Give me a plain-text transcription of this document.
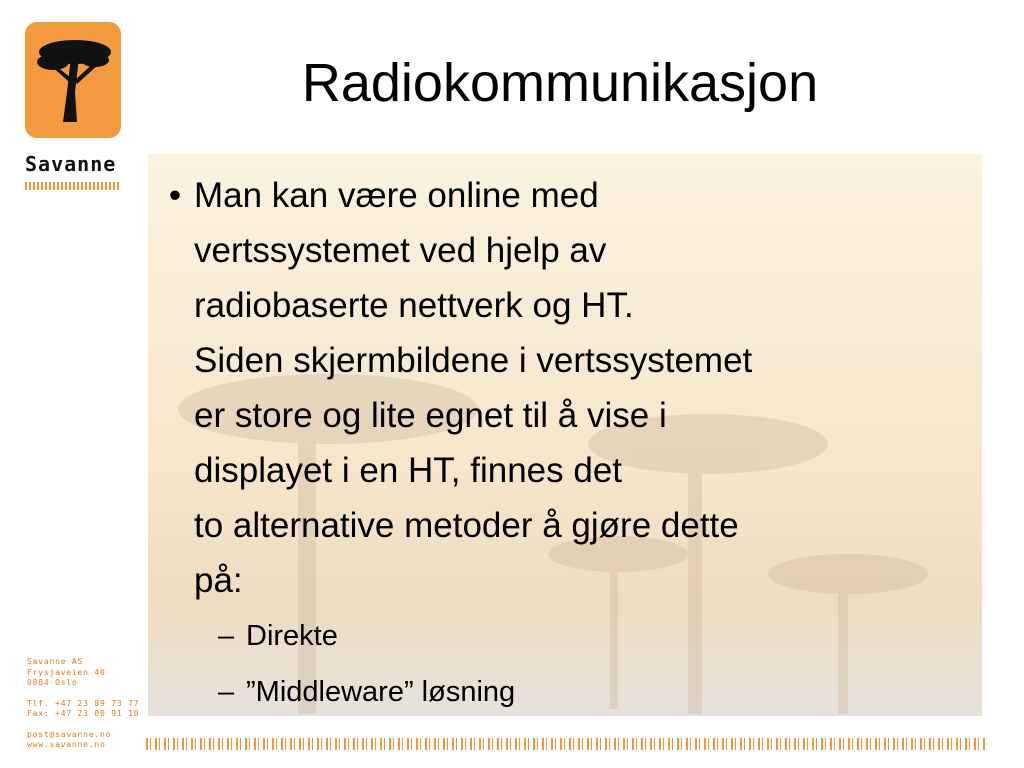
Savanne
Radiokommunikasjon
• Man kan være online med
vertssystemet ved hjelp av
radiobaserte nettverk og HT.
Siden skjermbildene i vertssystemet
er store og lite egnet til å vise i
displayet i en HT, finnes det
to alternative metoder å gjøre dette
på:
– Direkte
– ”Middleware” løsning
Savanne AS
Frysjaveien 40
0884 Oslo
Tlf. +47 23 89 73 77
Fax: +47 23 00 91 10
post@savanne.no
www.savanne.no
